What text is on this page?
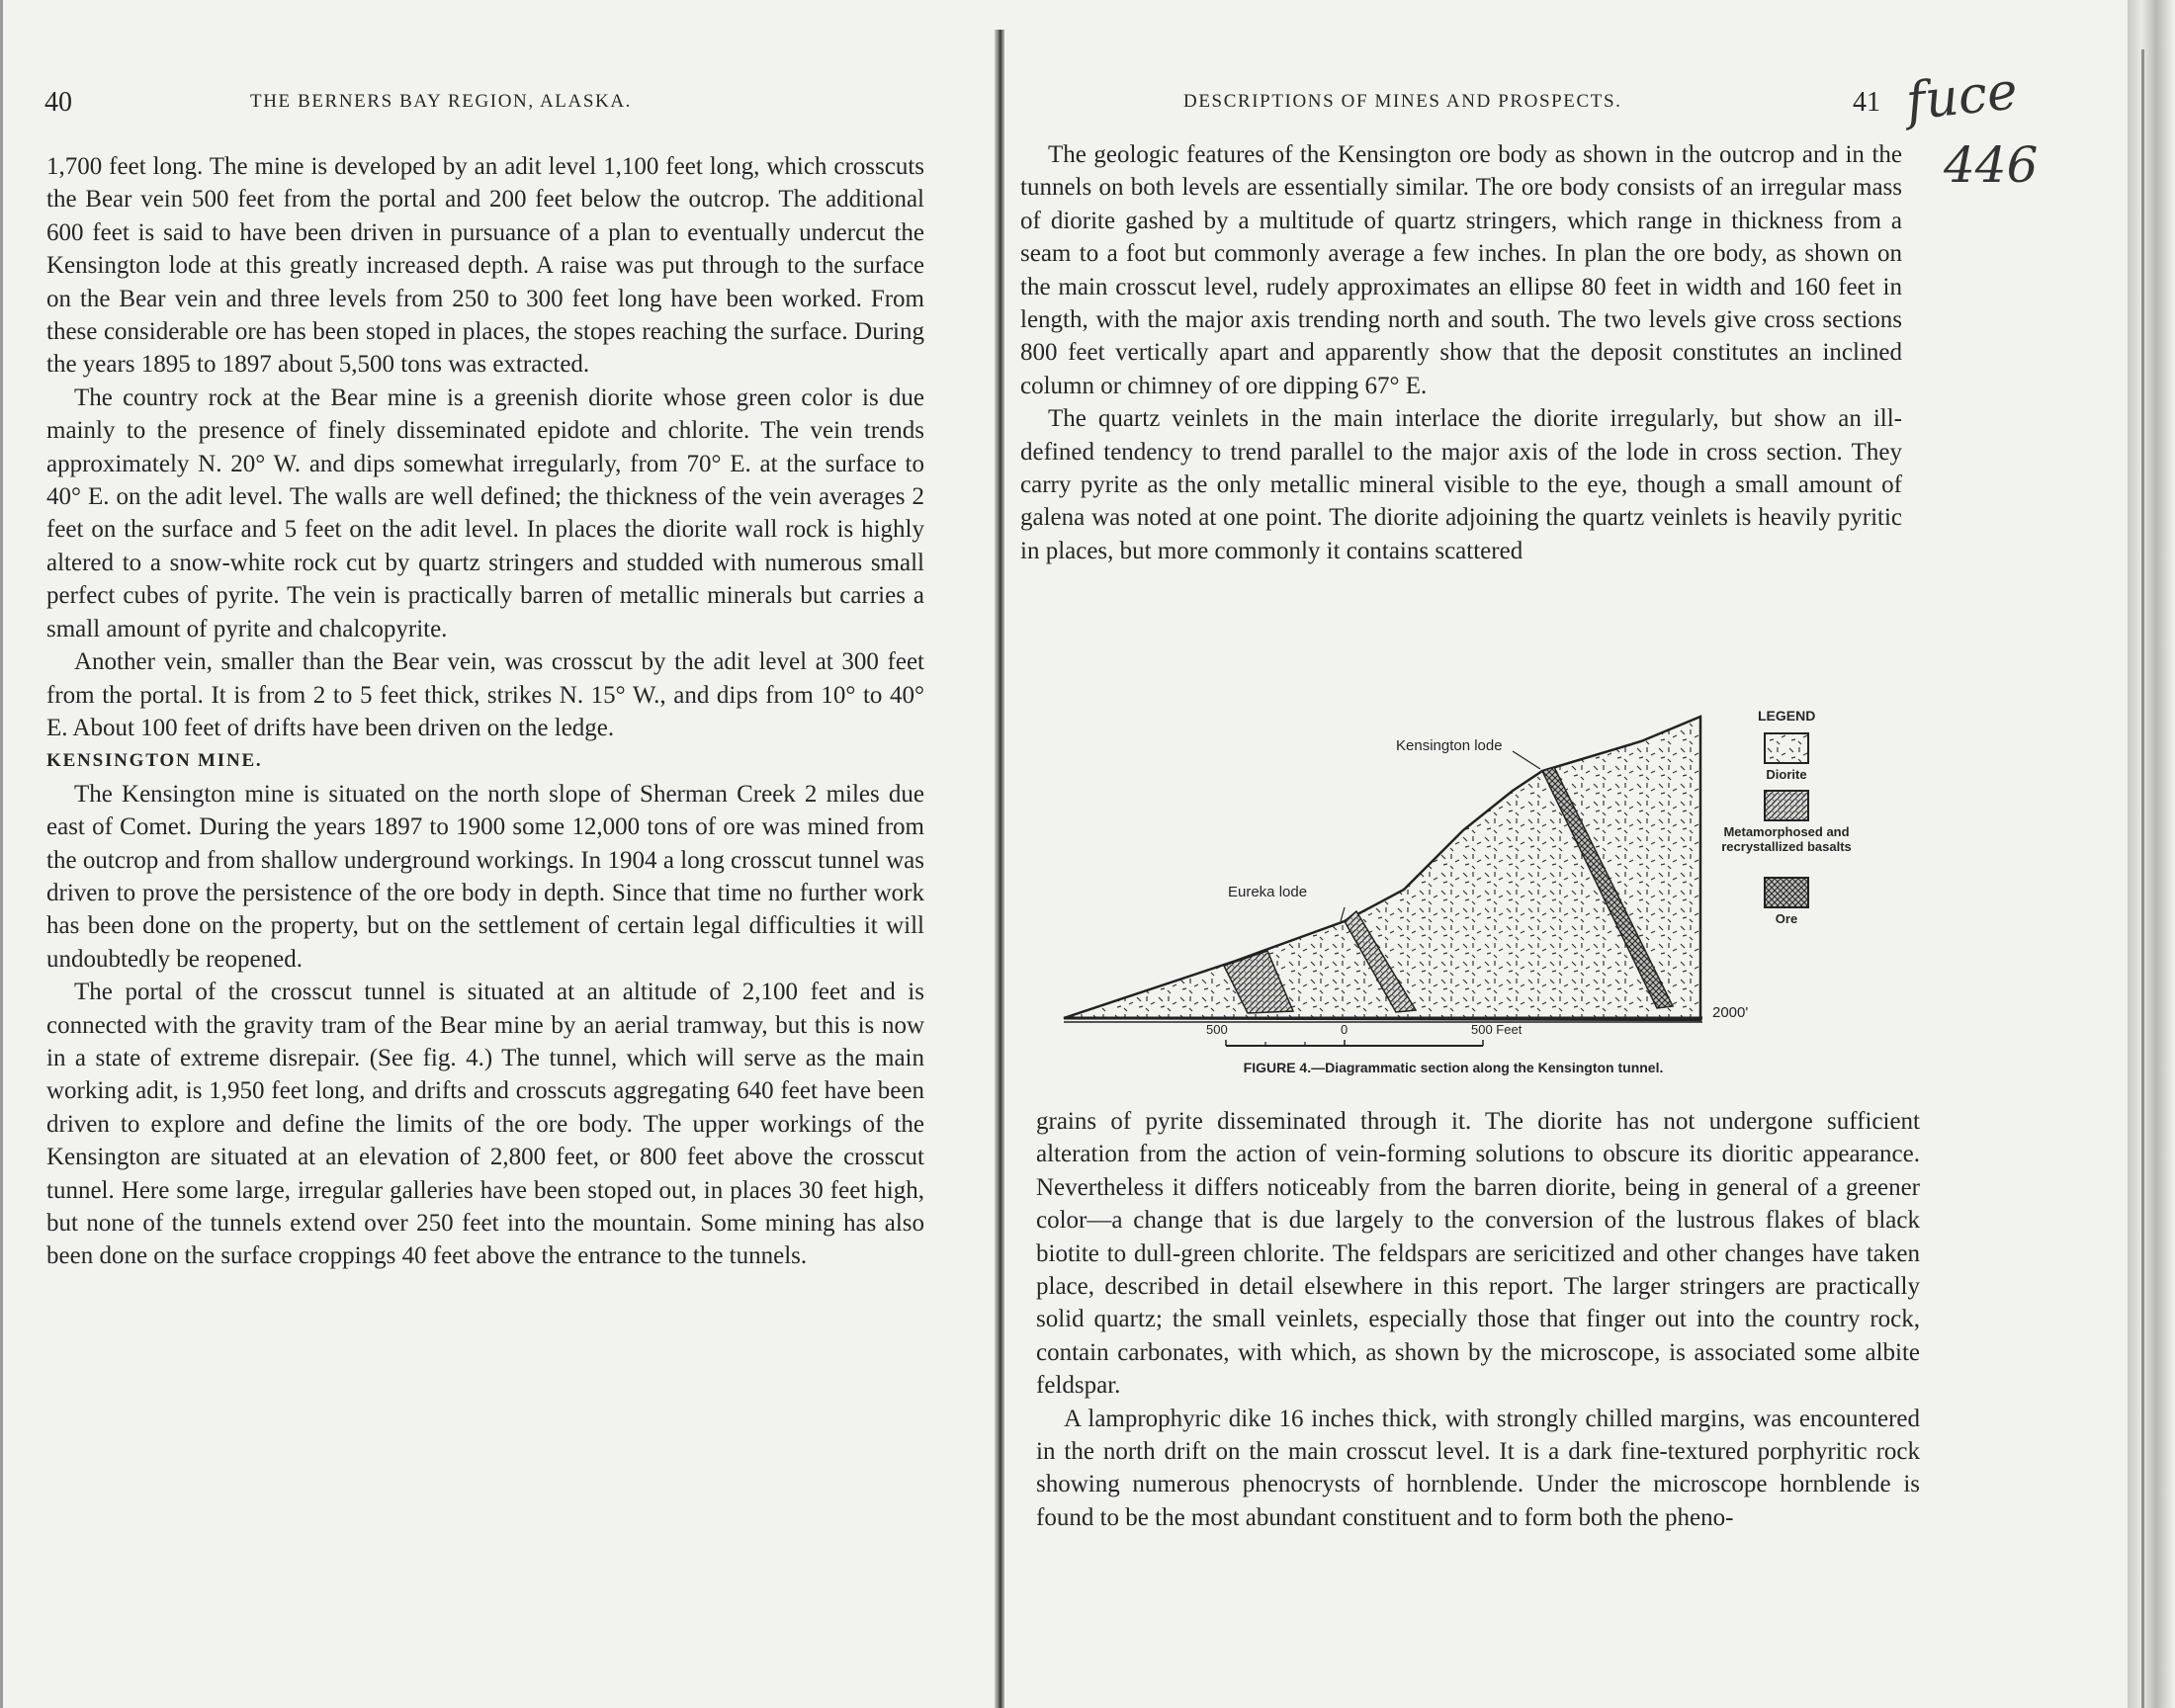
40	THE BERNERS BAY REGION, ALASKA.

1,700 feet long. The mine is developed by an adit level 1,100 feet long, which crosscuts the Bear vein 500 feet from the portal and 200 feet below the outcrop. The additional 600 feet is said to have been driven in pursuance of a plan to eventually undercut the Kensington lode at this greatly increased depth. A raise was put through to the surface on the Bear vein and three levels from 250 to 300 feet long have been worked. From these considerable ore has been stoped in places, the stopes reaching the surface. During the years 1895 to 1897 about 5,500 tons was extracted.

The country rock at the Bear mine is a greenish diorite whose green color is due mainly to the presence of finely disseminated epidote and chlorite. The vein trends approximately N. 20° W. and dips somewhat irregularly, from 70° E. at the surface to 40° E. on the adit level. The walls are well defined; the thickness of the vein averages 2 feet on the surface and 5 feet on the adit level. In places the diorite wall rock is highly altered to a snow-white rock cut by quartz stringers and studded with numerous small perfect cubes of pyrite. The vein is practically barren of metallic minerals but carries a small amount of pyrite and chalcopyrite.

Another vein, smaller than the Bear vein, was crosscut by the adit level at 300 feet from the portal. It is from 2 to 5 feet thick, strikes N. 15° W., and dips from 10° to 40° E. About 100 feet of drifts have been driven on the ledge.

KENSINGTON MINE.

The Kensington mine is situated on the north slope of Sherman Creek 2 miles due east of Comet. During the years 1897 to 1900 some 12,000 tons of ore was mined from the outcrop and from shallow underground workings. In 1904 a long crosscut tunnel was driven to prove the persistence of the ore body in depth. Since that time no further work has been done on the property, but on the settlement of certain legal difficulties it will undoubtedly be reopened.

The portal of the crosscut tunnel is situated at an altitude of 2,100 feet and is connected with the gravity tram of the Bear mine by an aerial tramway, but this is now in a state of extreme disrepair. (See fig. 4.) The tunnel, which will serve as the main working adit, is 1,950 feet long, and drifts and crosscuts aggregating 640 feet have been driven to explore and define the limits of the ore body. The upper workings of the Kensington are situated at an elevation of 2,800 feet, or 800 feet above the crosscut tunnel. Here some large, irregular galleries have been stoped out, in places 30 feet high, but none of the tunnels extend over 250 feet into the mountain. Some mining has also been done on the surface croppings 40 feet above the entrance to the tunnels.

DESCRIPTIONS OF MINES AND PROSPECTS.	41

The geologic features of the Kensington ore body as shown in the outcrop and in the tunnels on both levels are essentially similar. The ore body consists of an irregular mass of diorite gashed by a multitude of quartz stringers, which range in thickness from a seam to a foot but commonly average a few inches. In plan the ore body, as shown on the main crosscut level, rudely approximates an ellipse 80 feet in width and 160 feet in length, with the major axis trending north and south. The two levels give cross sections 800 feet vertically apart and apparently show that the deposit constitutes an inclined column or chimney of ore dipping 67° E.

The quartz veinlets in the main interlace the diorite irregularly, but show an ill-defined tendency to trend parallel to the major axis of the lode in cross section. They carry pyrite as the only metallic mineral visible to the eye, though a small amount of galena was noted at one point. The diorite adjoining the quartz veinlets is heavily pyritic in places, but more commonly it contains scattered

grains of pyrite disseminated through it. The diorite has not undergone sufficient alteration from the action of vein-forming solutions to obscure its dioritic appearance. Nevertheless it differs noticeably from the barren diorite, being in general of a greener color—a change that is due largely to the conversion of the lustrous flakes of black biotite to dull-green chlorite. The feldspars are sericitized and other changes have taken place, described in detail elsewhere in this report. The larger stringers are practically solid quartz; the small veinlets, especially those that finger out into the country rock, contain carbonates, with which, as shown by the microscope, is associated some albite feldspar.

A lamprophyric dike 16 inches thick, with strongly chilled margins, was encountered in the north drift on the main crosscut level. It is a dark fine-textured porphyritic rock showing numerous phenocrysts of hornblende. Under the microscope hornblende is found to be the most abundant constituent and to form both the pheno-

Kensington lode
Eureka lode
2000'
500	0	500 Feet
LEGEND
Diorite
Metamorphosed and recrystallized basalts
Ore
FIGURE 4.—Diagrammatic section along the Kensington tunnel.
fuce
446
